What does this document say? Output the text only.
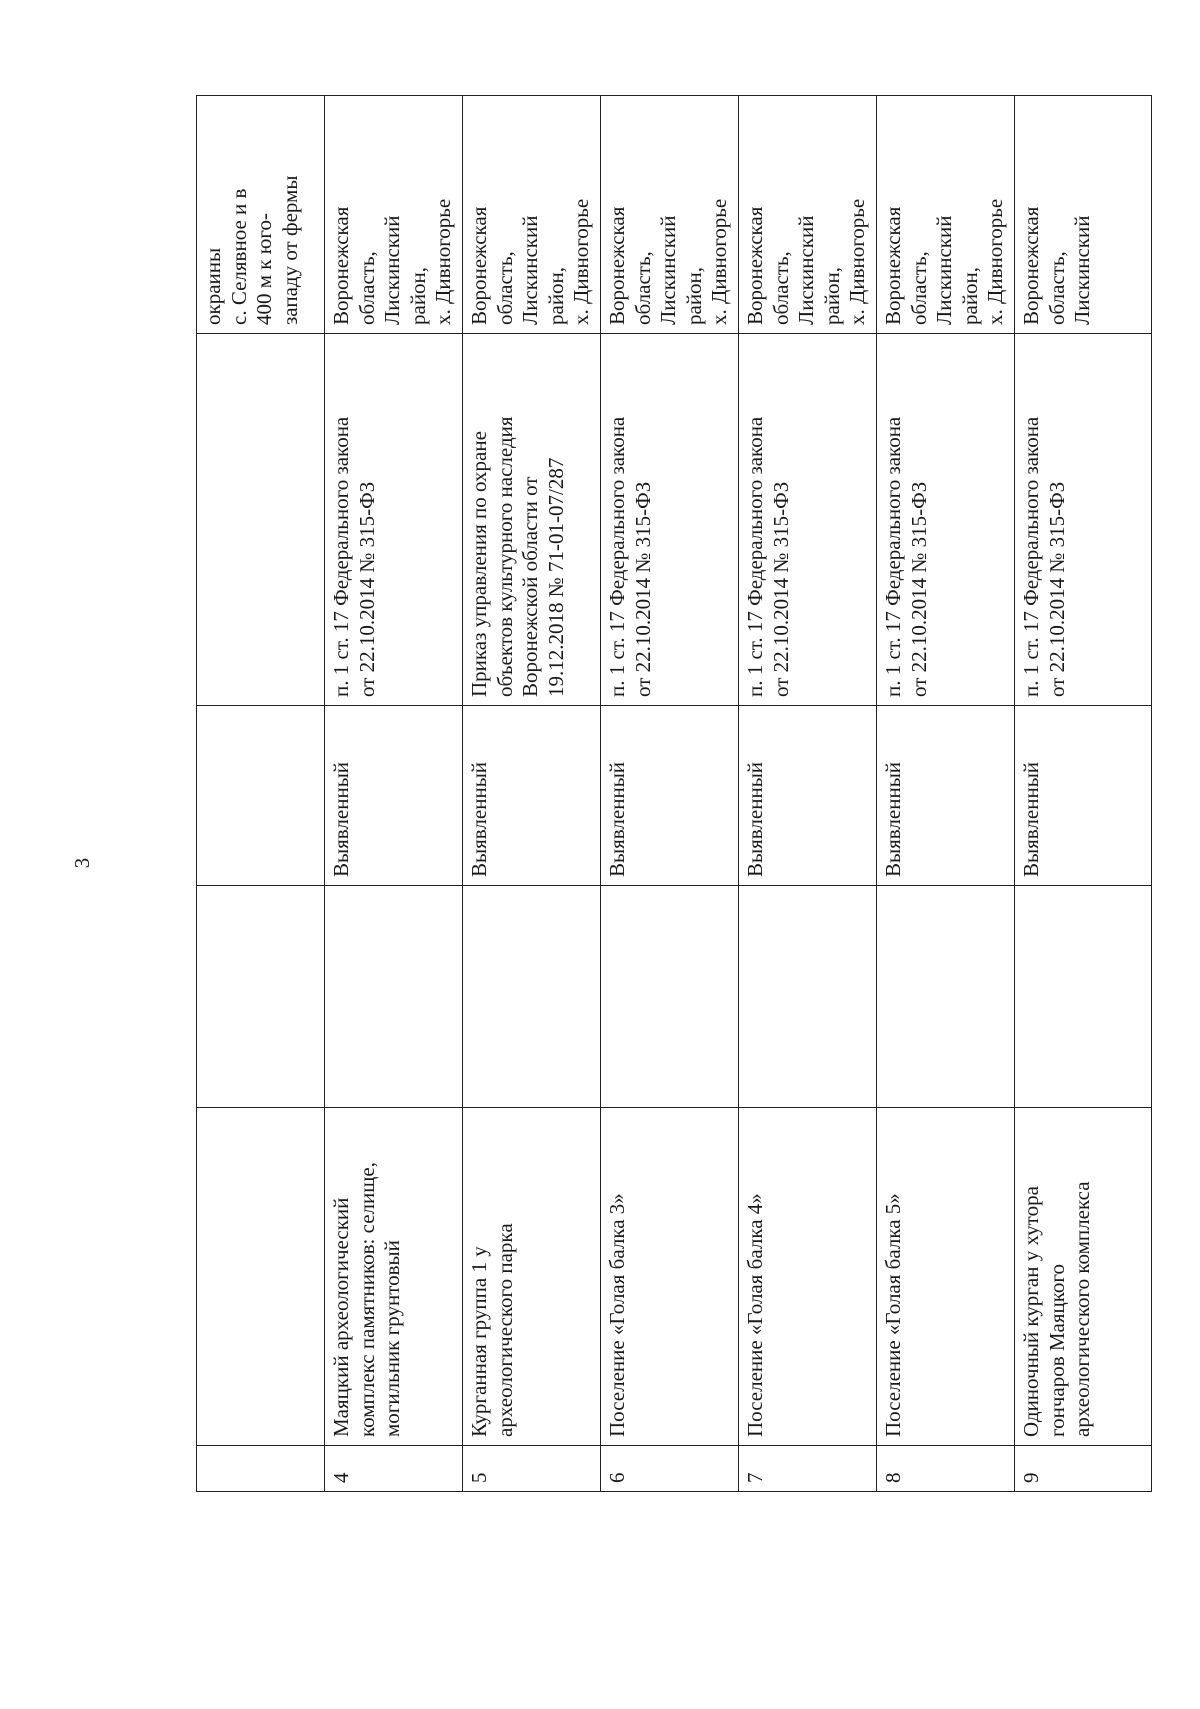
3

					окраины с. Селявное и в 400 м к юго- западу от фермы

4	Маяцкий археологический комплекс памятников: селище, могильник грунтовый		Выявленный	п. 1 ст. 17 Федерального закона от 22.10.2014 № 315-ФЗ	Воронежская область, Лискинский район, х. Дивногорье

5	Курганная группа 1 у археологического парка		Выявленный	Приказ управления по охране объектов культурного наследия Воронежской области от 19.12.2018 № 71-01-07/287	Воронежская область, Лискинский район, х. Дивногорье

6	Поселение «Голая балка 3»		Выявленный	п. 1 ст. 17 Федерального закона от 22.10.2014 № 315-ФЗ	Воронежская область, Лискинский район, х. Дивногорье

7	Поселение «Голая балка 4»		Выявленный	п. 1 ст. 17 Федерального закона от 22.10.2014 № 315-ФЗ	Воронежская область, Лискинский район, х. Дивногорье

8	Поселение «Голая балка 5»		Выявленный	п. 1 ст. 17 Федерального закона от 22.10.2014 № 315-ФЗ	Воронежская область, Лискинский район, х. Дивногорье

9	Одиночный курган у хутора гончаров Маяцкого археологического комплекса		Выявленный	п. 1 ст. 17 Федерального закона от 22.10.2014 № 315-ФЗ	Воронежская область, Лискинский
